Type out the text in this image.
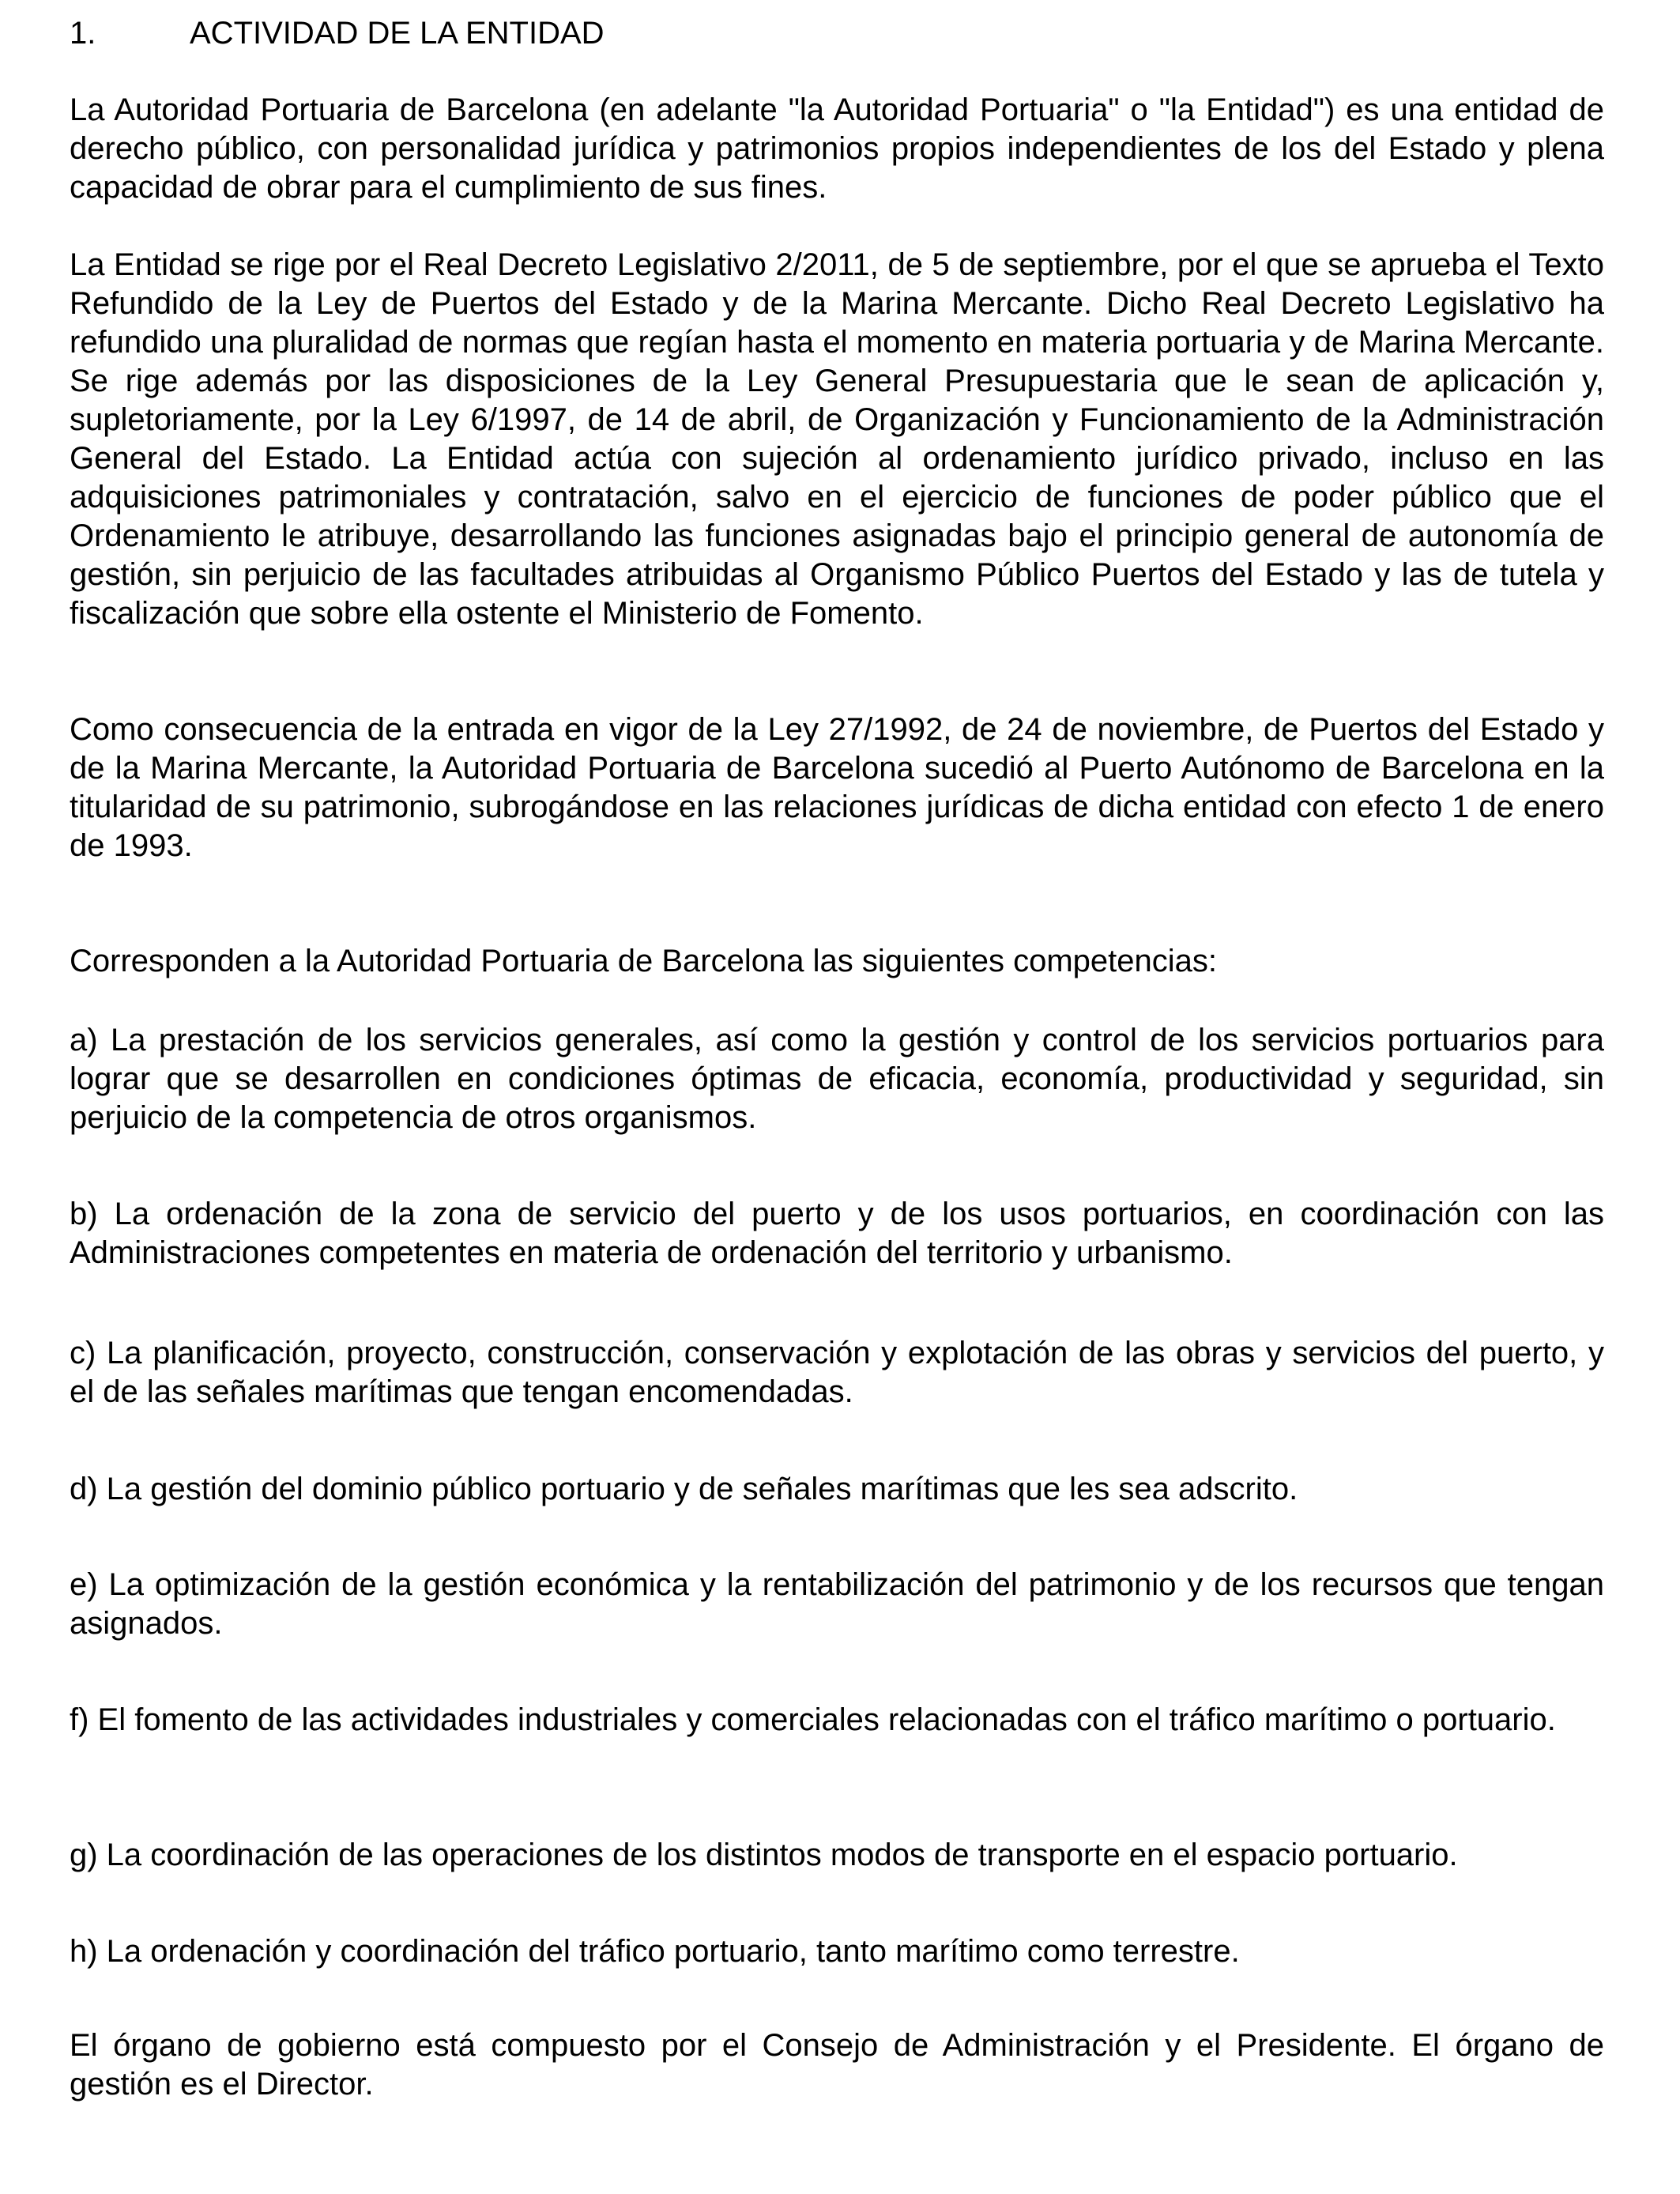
1.	ACTIVIDAD DE LA ENTIDAD

La Autoridad Portuaria de Barcelona (en adelante "la Autoridad Portuaria" o "la Entidad") es una entidad de derecho público, con personalidad jurídica y patrimonios propios independientes de los del Estado y plena capacidad de obrar para el cumplimiento de sus fines.

La Entidad se rige por el Real Decreto Legislativo 2/2011, de 5 de septiembre, por el que se aprueba el Texto Refundido de la Ley de Puertos del Estado y de la Marina Mercante. Dicho Real Decreto Legislativo ha refundido una pluralidad de normas que regían hasta el momento en materia portuaria y de Marina Mercante. Se rige además por las disposiciones de la Ley General Presupuestaria que le sean de aplicación y, supletoriamente, por la Ley 6/1997, de 14 de abril, de Organización y Funcionamiento de la Administración General del Estado. La Entidad actúa con sujeción al ordenamiento jurídico privado, incluso en las adquisiciones patrimoniales y contratación, salvo en el ejercicio de funciones de poder público que el Ordenamiento le atribuye, desarrollando las funciones asignadas bajo el principio general de autonomía de gestión, sin perjuicio de las facultades atribuidas al Organismo Público Puertos del Estado y las de tutela y fiscalización que sobre ella ostente el Ministerio de Fomento.

Como consecuencia de la entrada en vigor de la Ley 27/1992, de 24 de noviembre, de Puertos del Estado y de la Marina Mercante, la Autoridad Portuaria de Barcelona sucedió al Puerto Autónomo de Barcelona en la titularidad de su patrimonio, subrogándose en las relaciones jurídicas de dicha entidad con efecto 1 de enero de 1993.

Corresponden a la Autoridad Portuaria de Barcelona las siguientes competencias:

a) La prestación de los servicios generales, así como la gestión y control de los servicios portuarios para lograr que se desarrollen en condiciones óptimas de eficacia, economía, productividad y seguridad, sin perjuicio de la competencia de otros organismos.

b) La ordenación de la zona de servicio del puerto y de los usos portuarios, en coordinación con las Administraciones competentes en materia de ordenación del territorio y urbanismo.

c) La planificación, proyecto, construcción, conservación y explotación de las obras y servicios del puerto, y el de las señales marítimas que tengan encomendadas.

d) La gestión del dominio público portuario y de señales marítimas que les sea adscrito.

e) La optimización de la gestión económica y la rentabilización del patrimonio y de los recursos que tengan asignados.

f) El fomento de las actividades industriales y comerciales relacionadas con el tráfico marítimo o portuario.

g) La coordinación de las operaciones de los distintos modos de transporte en el espacio portuario.

h) La ordenación y coordinación del tráfico portuario, tanto marítimo como terrestre.

El órgano de gobierno está compuesto por el Consejo de Administración y el Presidente. El órgano de gestión es el Director.
